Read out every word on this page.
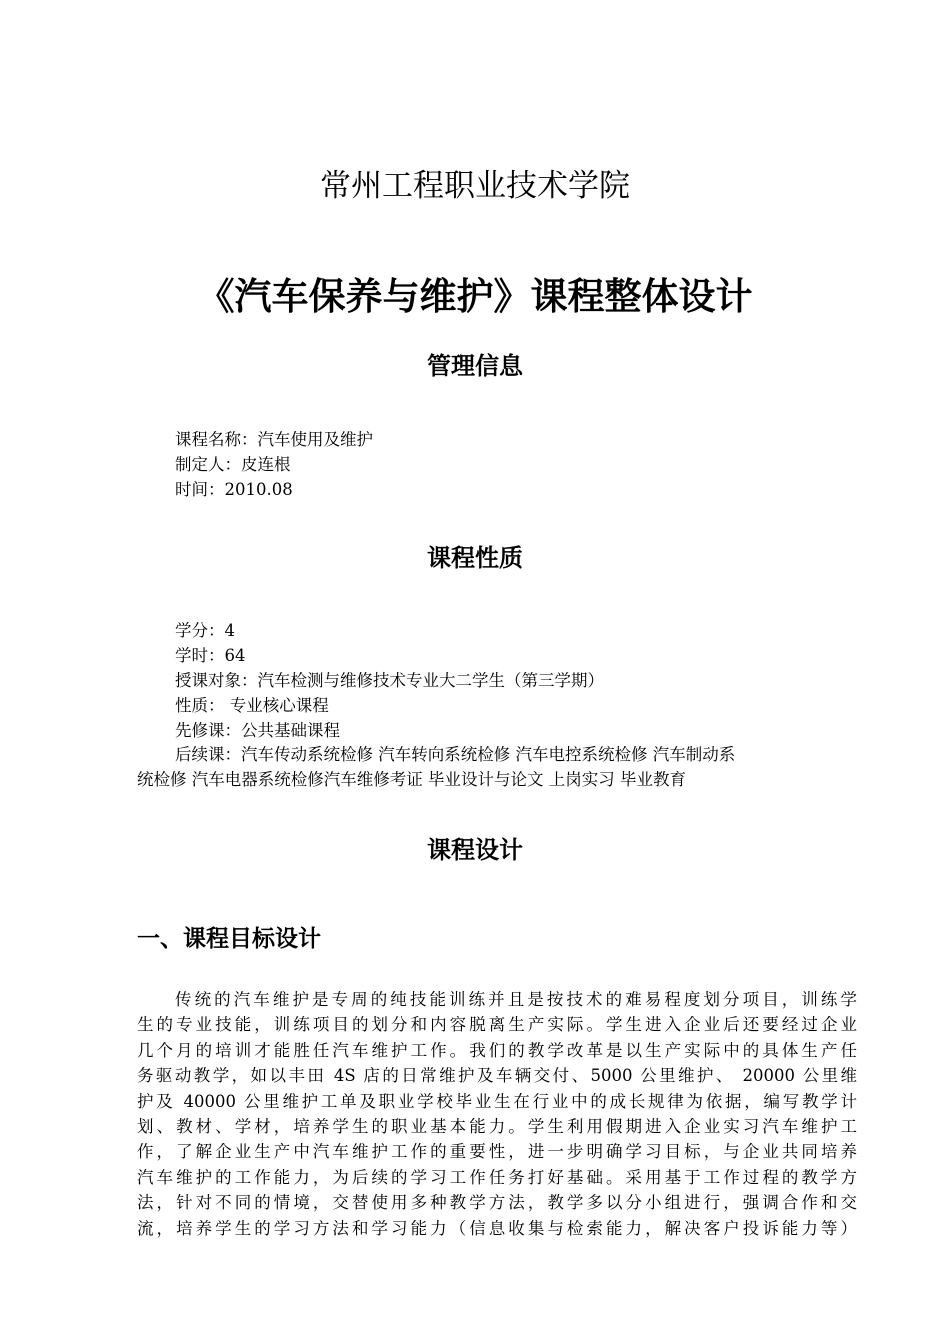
常州工程职业技术学院
《汽车保养与维护》课程整体设计
管理信息
课程名称：汽车使用及维护
制定人：皮连根
时间：2010.08
课程性质
学分：4
学时：64
授课对象：汽车检测与维修技术专业大二学生（第三学期）
性质： 专业核心课程
先修课：公共基础课程
后续课：汽车传动系统检修 汽车转向系统检修 汽车电控系统检修 汽车制动系
统检修 汽车电器系统检修汽车维修考证 毕业设计与论文 上岗实习 毕业教育
课程设计
一、课程目标设计
传统的汽车维护是专周的纯技能训练并且是按技术的难易程度划分项目，训练学
生的专业技能，训练项目的划分和内容脱离生产实际。学生进入企业后还要经过企业
几个月的培训才能胜任汽车维护工作。我们的教学改革是以生产实际中的具体生产任
务驱动教学，如以丰田 4S 店的日常维护及车辆交付、5000 公里维护、 20000 公里维
护及 40000 公里维护工单及职业学校毕业生在行业中的成长规律为依据，编写教学计
划、教材、学材，培养学生的职业基本能力。学生利用假期进入企业实习汽车维护工
作，了解企业生产中汽车维护工作的重要性，进一步明确学习目标，与企业共同培养
汽车维护的工作能力，为后续的学习工作任务打好基础。采用基于工作过程的教学方
法，针对不同的情境，交替使用多种教学方法，教学多以分小组进行，强调合作和交
流，培养学生的学习方法和学习能力（信息收集与检索能力，解决客户投诉能力等）
